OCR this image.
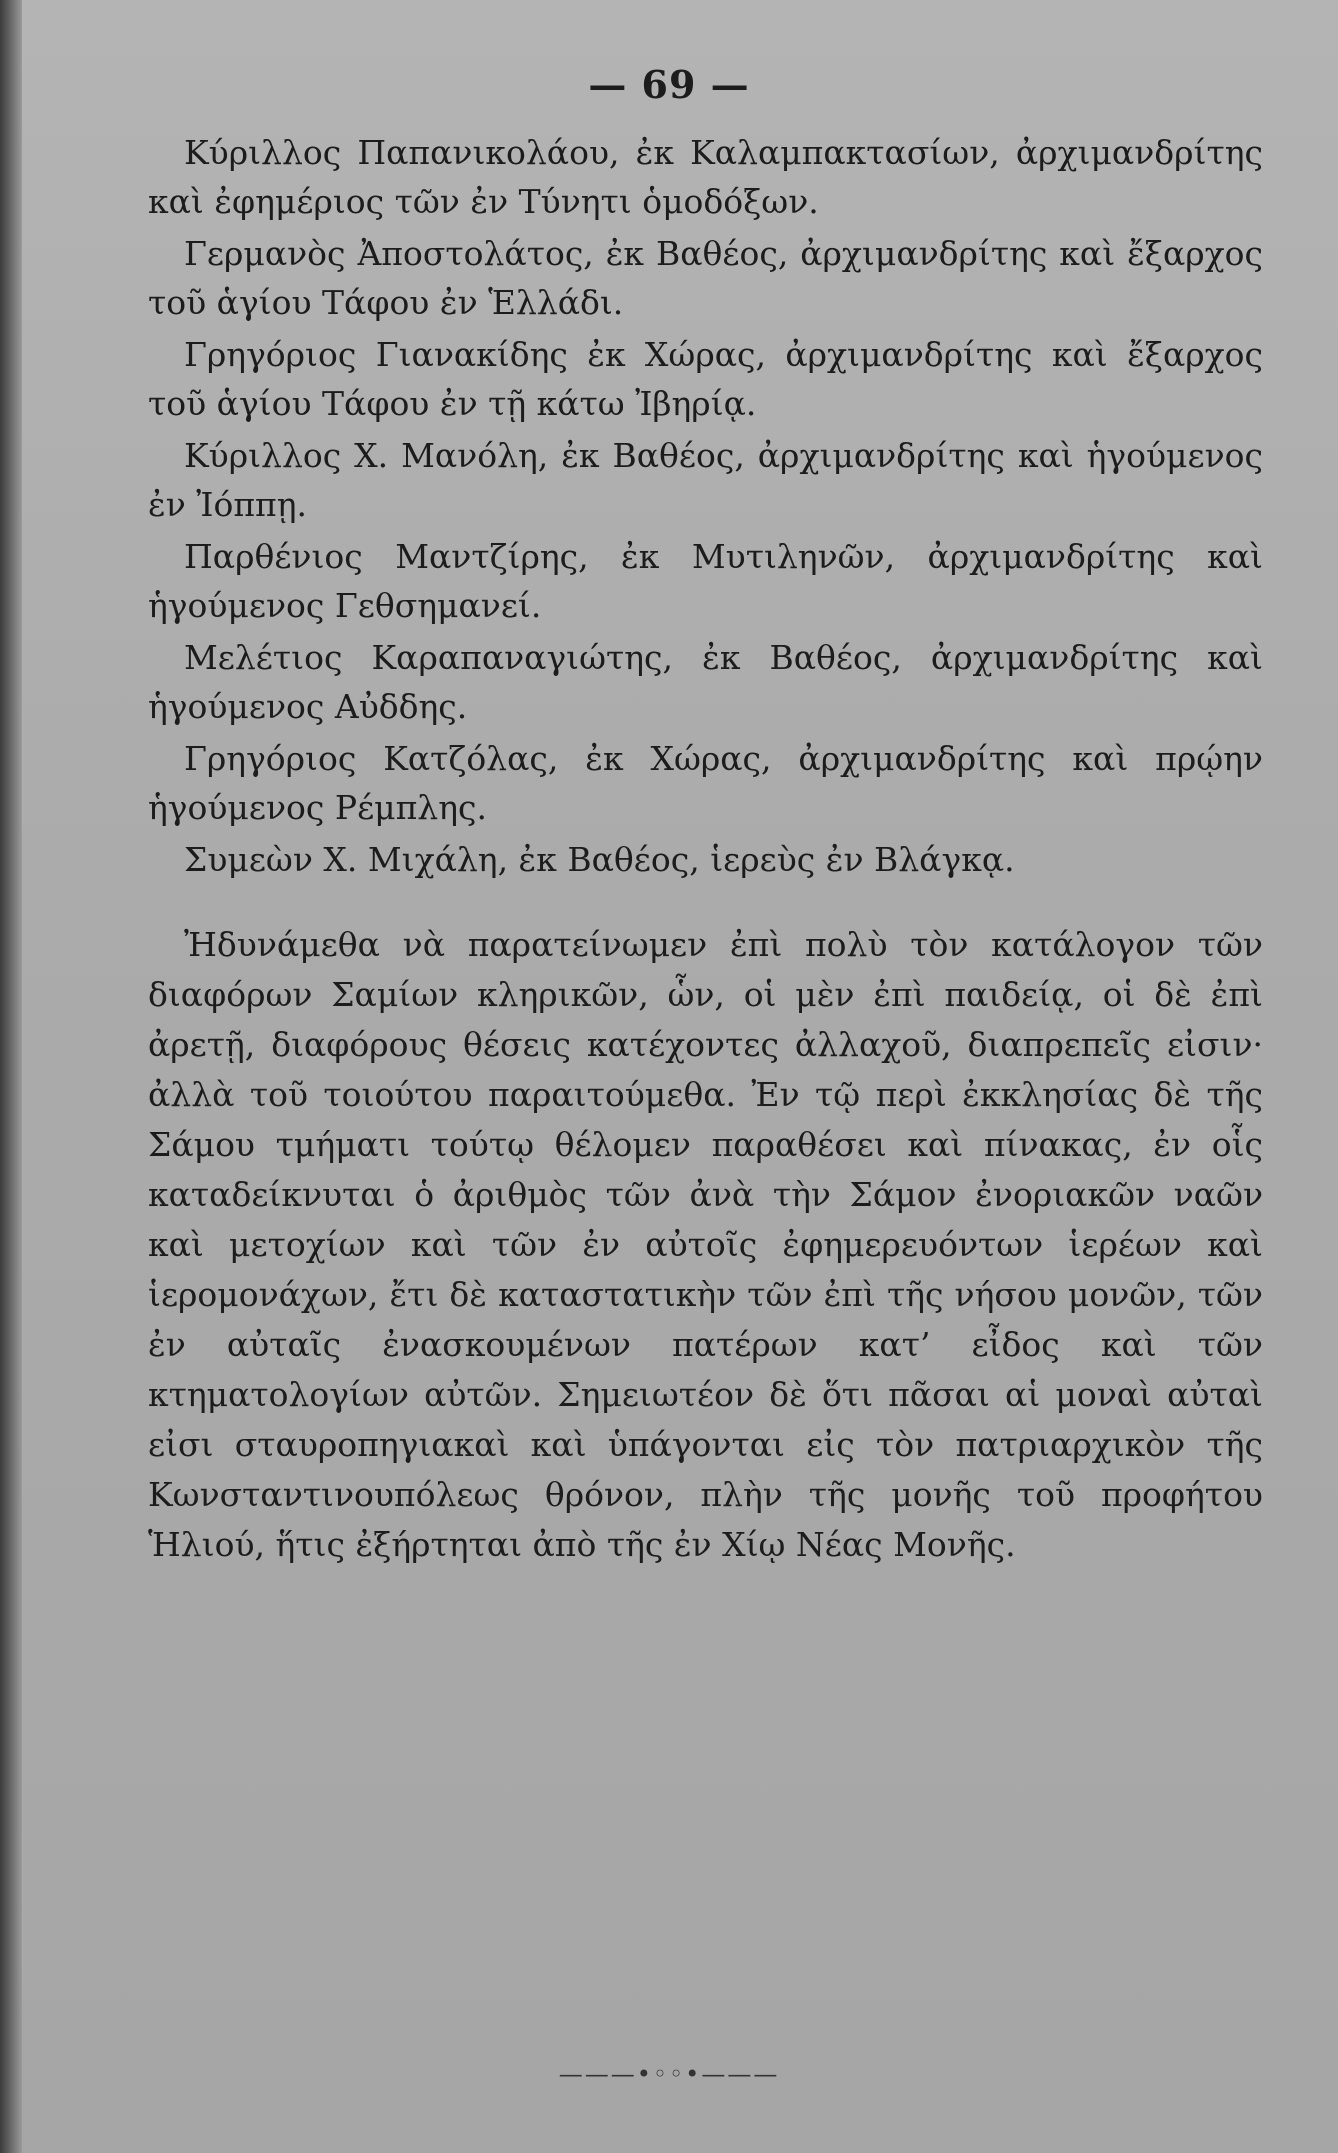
— 69 —

Κύριλλος Παπανικολάου, ἐκ Καλαμπακτασίων, ἀρχιμανδρίτης καὶ ἐφημέριος τῶν ἐν Τύνητι ὁμοδόξων.

Γερμανὸς Ἀποστολάτος, ἐκ Βαθέος, ἀρχιμανδρίτης καὶ ἔξαρχος τοῦ ἁγίου Τάφου ἐν Ἑλλάδι.

Γρηγόριος Γιανακίδης ἐκ Χώρας, ἀρχιμανδρίτης καὶ ἔξαρχος τοῦ ἁγίου Τάφου ἐν τῇ κάτω Ἰβηρίᾳ.

Κύριλλος Χ. Μανόλη, ἐκ Βαθέος, ἀρχιμανδρίτης καὶ ἡγούμενος ἐν Ἰόππῃ.

Παρθένιος Μαντζίρης, ἐκ Μυτιληνῶν, ἀρχιμανδρίτης καὶ ἡγούμενος Γεθσημανεί.

Μελέτιος Καραπαναγιώτης, ἐκ Βαθέος, ἀρχιμανδρίτης καὶ ἡγούμενος Αὐδδης.

Γρηγόριος Κατζόλας, ἐκ Χώρας, ἀρχιμανδρίτης καὶ πρῴην ἡγούμενος Ρέμπλης.

Συμεὼν Χ. Μιχάλη, ἐκ Βαθέος, ἱερεὺς ἐν Βλάγκᾳ.

Ἠδυνάμεθα νὰ παρατείνωμεν ἐπὶ πολὺ τὸν κατάλογον τῶν διαφόρων Σαμίων κληρικῶν, ὧν, οἱ μὲν ἐπὶ παιδείᾳ, οἱ δὲ ἐπὶ ἀρετῇ, διαφόρους θέσεις κατέχοντες ἀλλαχοῦ, διαπρεπεῖς εἰσιν· ἀλλὰ τοῦ τοιούτου παραιτούμεθα. Ἐν τῷ περὶ ἐκκλησίας δὲ τῆς Σάμου τμήματι τούτῳ θέλομεν παραθέσει καὶ πίνακας, ἐν οἷς καταδείκνυται ὁ ἀριθμὸς τῶν ἀνὰ τὴν Σάμον ἐνοριακῶν ναῶν καὶ μετοχίων καὶ τῶν ἐν αὐτοῖς ἐφημερευόντων ἱερέων καὶ ἱερομονάχων, ἔτι δὲ καταστατικὴν τῶν ἐπὶ τῆς νήσου μονῶν, τῶν ἐν αὐταῖς ἐνασκουμένων πατέρων κατ’ εἶδος καὶ τῶν κτηματολογίων αὐτῶν. Σημειωτέον δὲ ὅτι πᾶσαι αἱ μοναὶ αὐταὶ εἰσι σταυροπηγιακαὶ καὶ ὑπάγονται εἰς τὸν πατριαρχικὸν τῆς Κωνσταντινουπόλεως θρόνον, πλὴν τῆς μονῆς τοῦ προφήτου Ἡλιού, ἥτις ἐξήρτηται ἀπὸ τῆς ἐν Χίῳ Νέας Μονῆς.

———•◦◦•———
